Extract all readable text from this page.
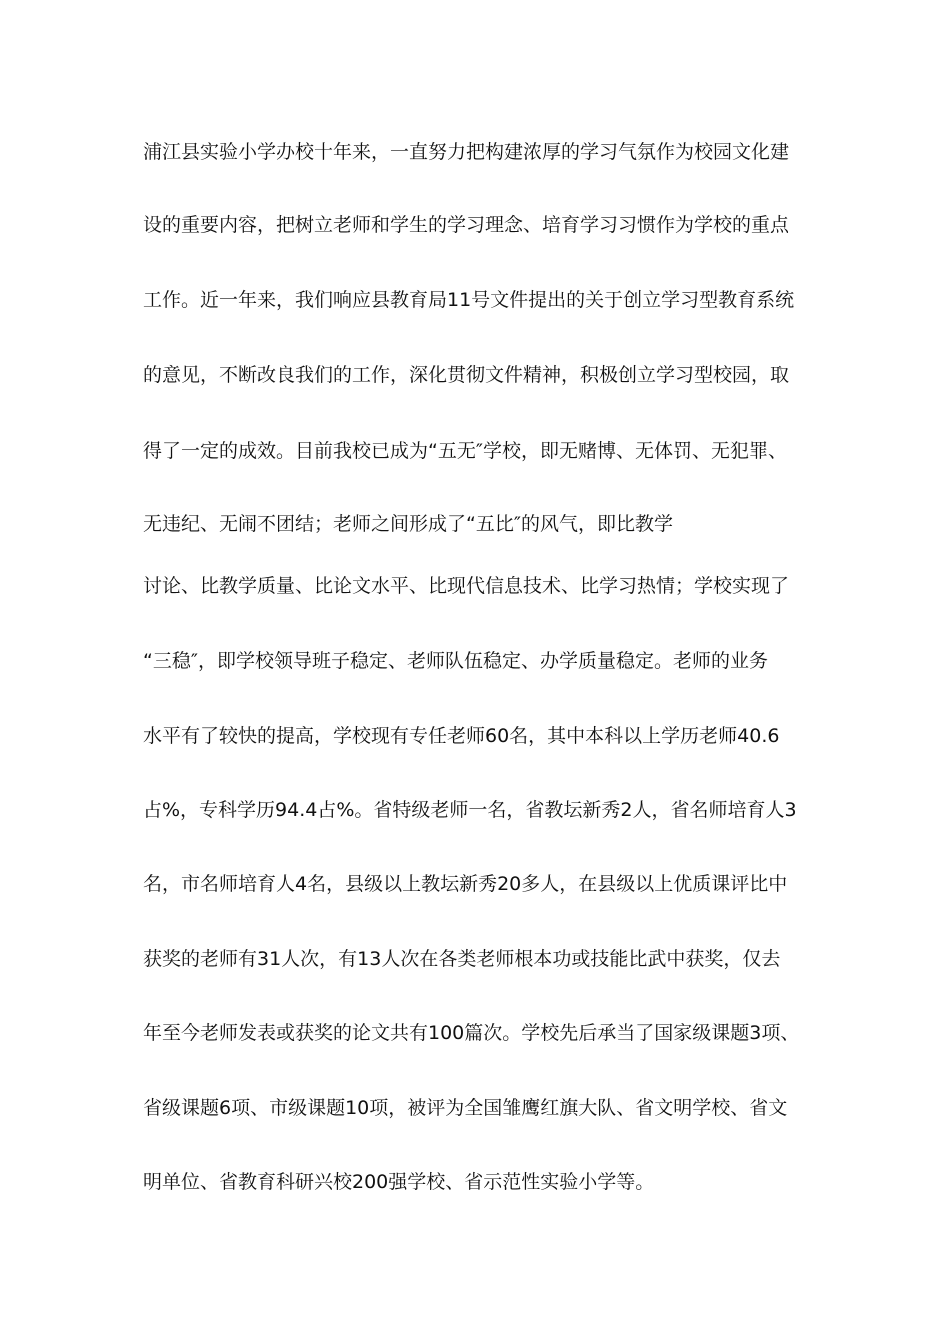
浦江县实验小学办校十年来，一直努力把构建浓厚的学习气氛作为校园文化建
设的重要内容，把树立老师和学生的学习理念、培育学习习惯作为学校的重点
工作。近一年来，我们响应县教育局11号文件提出的关于创立学习型教育系统
的意见，不断改良我们的工作，深化贯彻文件精神，积极创立学习型校园，取
得了一定的成效。目前我校已成为“五无″学校，即无赌博、无体罚、无犯罪、
无违纪、无闹不团结；老师之间形成了“五比″的风气，即比教学
讨论、比教学质量、比论文水平、比现代信息技术、比学习热情；学校实现了
“三稳″，即学校领导班子稳定、老师队伍稳定、办学质量稳定。老师的业务
水平有了较快的提高，学校现有专任老师60名，其中本科以上学历老师40.6
占%，专科学历94.4占%。省特级老师一名，省教坛新秀2人，省名师培育人3
名，市名师培育人4名，县级以上教坛新秀20多人，在县级以上优质课评比中
获奖的老师有31人次，有13人次在各类老师根本功或技能比武中获奖，仅去
年至今老师发表或获奖的论文共有100篇次。学校先后承当了国家级课题3项、
省级课题6项、市级课题10项，被评为全国雏鹰红旗大队、省文明学校、省文
明单位、省教育科研兴校200强学校、省示范性实验小学等。
